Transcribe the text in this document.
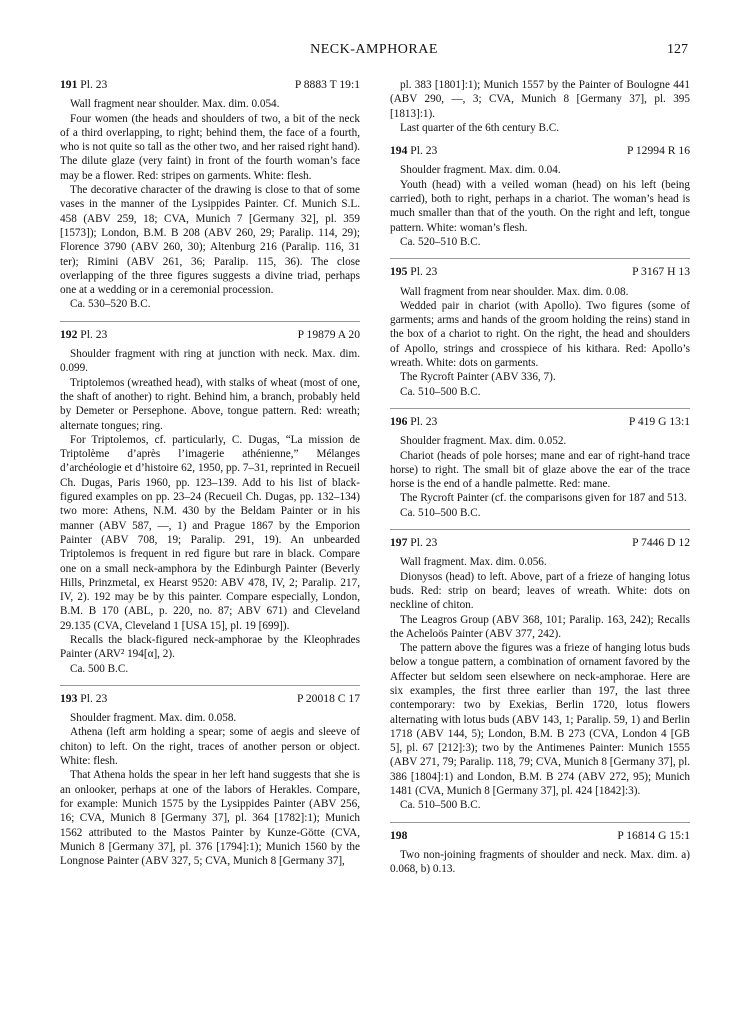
NECK-AMPHORAE	127
191 Pl. 23	P 8883 T 19:1

Wall fragment near shoulder. Max. dim. 0.054.

Four women (the heads and shoulders of two, a bit of the neck of a third overlapping, to right; behind them, the face of a fourth, who is not quite so tall as the other two, and her raised right hand). The dilute glaze (very faint) in front of the fourth woman’s face may be a flower. Red: stripes on garments. White: flesh.

The decorative character of the drawing is close to that of some vases in the manner of the Lysippides Painter. Cf. Munich S.L. 458 (ABV 259, 18; CVA, Munich 7 [Germany 32], pl. 359 [1573]); London, B.M. B 208 (ABV 260, 29; Paralip. 114, 29); Florence 3790 (ABV 260, 30); Altenburg 216 (Paralip. 116, 31 ter); Rimini (ABV 261, 36; Paralip. 115, 36). The close overlapping of the three figures suggests a divine triad, perhaps one at a wedding or in a ceremonial procession.

Ca. 530–520 B.C.

192 Pl. 23	P 19879 A 20

Shoulder fragment with ring at junction with neck. Max. dim. 0.099.

Triptolemos (wreathed head), with stalks of wheat (most of one, the shaft of another) to right. Behind him, a branch, probably held by Demeter or Persephone. Above, tongue pattern. Red: wreath; alternate tongues; ring.

For Triptolemos, cf. particularly, C. Dugas, “La mission de Triptolème d’après l’imagerie athénienne,” Mélanges d’archéologie et d’histoire 62, 1950, pp. 7–31, reprinted in Recueil Ch. Dugas, Paris 1960, pp. 123–139. Add to his list of black-figured examples on pp. 23–24 (Recueil Ch. Dugas, pp. 132–134) two more: Athens, N.M. 430 by the Beldam Painter or in his manner (ABV 587, —, 1) and Prague 1867 by the Emporion Painter (ABV 708, 19; Paralip. 291, 19). An unbearded Triptolemos is frequent in red figure but rare in black. Compare one on a small neck-amphora by the Edinburgh Painter (Beverly Hills, Prinzmetal, ex Hearst 9520: ABV 478, IV, 2; Paralip. 217, IV, 2). 192 may be by this painter. Compare especially, London, B.M. B 170 (ABL, p. 220, no. 87; ABV 671) and Cleveland 29.135 (CVA, Cleveland 1 [USA 15], pl. 19 [699]).

Recalls the black-figured neck-amphorae by the Kleophrades Painter (ARV² 194[α], 2).

Ca. 500 B.C.

193 Pl. 23	P 20018 C 17

Shoulder fragment. Max. dim. 0.058.

Athena (left arm holding a spear; some of aegis and sleeve of chiton) to left. On the right, traces of another person or object. White: flesh.

That Athena holds the spear in her left hand suggests that she is an onlooker, perhaps at one of the labors of Herakles. Compare, for example: Munich 1575 by the Lysippides Painter (ABV 256, 16; CVA, Munich 8 [Germany 37], pl. 364 [1782]:1); Munich 1562 attributed to the Mastos Painter by Kunze-Götte (CVA, Munich 8 [Germany 37], pl. 376 [1794]:1); Munich 1560 by the Longnose Painter (ABV 327, 5; CVA, Munich 8 [Germany 37],

pl. 383 [1801]:1); Munich 1557 by the Painter of Boulogne 441 (ABV 290, —, 3; CVA, Munich 8 [Germany 37], pl. 395 [1813]:1).

Last quarter of the 6th century B.C.

194 Pl. 23	P 12994 R 16

Shoulder fragment. Max. dim. 0.04.

Youth (head) with a veiled woman (head) on his left (being carried), both to right, perhaps in a chariot. The woman’s head is much smaller than that of the youth. On the right and left, tongue pattern. White: woman’s flesh.

Ca. 520–510 B.C.

195 Pl. 23	P 3167 H 13

Wall fragment from near shoulder. Max. dim. 0.08.

Wedded pair in chariot (with Apollo). Two figures (some of garments; arms and hands of the groom holding the reins) stand in the box of a chariot to right. On the right, the head and shoulders of Apollo, strings and crosspiece of his kithara. Red: Apollo’s wreath. White: dots on garments.

The Rycroft Painter (ABV 336, 7).

Ca. 510–500 B.C.

196 Pl. 23	P 419 G 13:1

Shoulder fragment. Max. dim. 0.052.

Chariot (heads of pole horses; mane and ear of right-hand trace horse) to right. The small bit of glaze above the ear of the trace horse is the end of a handle palmette. Red: mane.

The Rycroft Painter (cf. the comparisons given for 187 and 513.

Ca. 510–500 B.C.

197 Pl. 23	P 7446 D 12

Wall fragment. Max. dim. 0.056.

Dionysos (head) to left. Above, part of a frieze of hanging lotus buds. Red: strip on beard; leaves of wreath. White: dots on neckline of chiton.

The Leagros Group (ABV 368, 101; Paralip. 163, 242); Recalls the Acheloös Painter (ABV 377, 242).

The pattern above the figures was a frieze of hanging lotus buds below a tongue pattern, a combination of ornament favored by the Affecter but seldom seen elsewhere on neck-amphorae. Here are six examples, the first three earlier than 197, the last three contemporary: two by Exekias, Berlin 1720, lotus flowers alternating with lotus buds (ABV 143, 1; Paralip. 59, 1) and Berlin 1718 (ABV 144, 5); London, B.M. B 273 (CVA, London 4 [GB 5], pl. 67 [212]:3); two by the Antimenes Painter: Munich 1555 (ABV 271, 79; Paralip. 118, 79; CVA, Munich 8 [Germany 37], pl. 386 [1804]:1) and London, B.M. B 274 (ABV 272, 95); Munich 1481 (CVA, Munich 8 [Germany 37], pl. 424 [1842]:3).

Ca. 510–500 B.C.

198	P 16814 G 15:1

Two non-joining fragments of shoulder and neck. Max. dim. a) 0.068, b) 0.13.
